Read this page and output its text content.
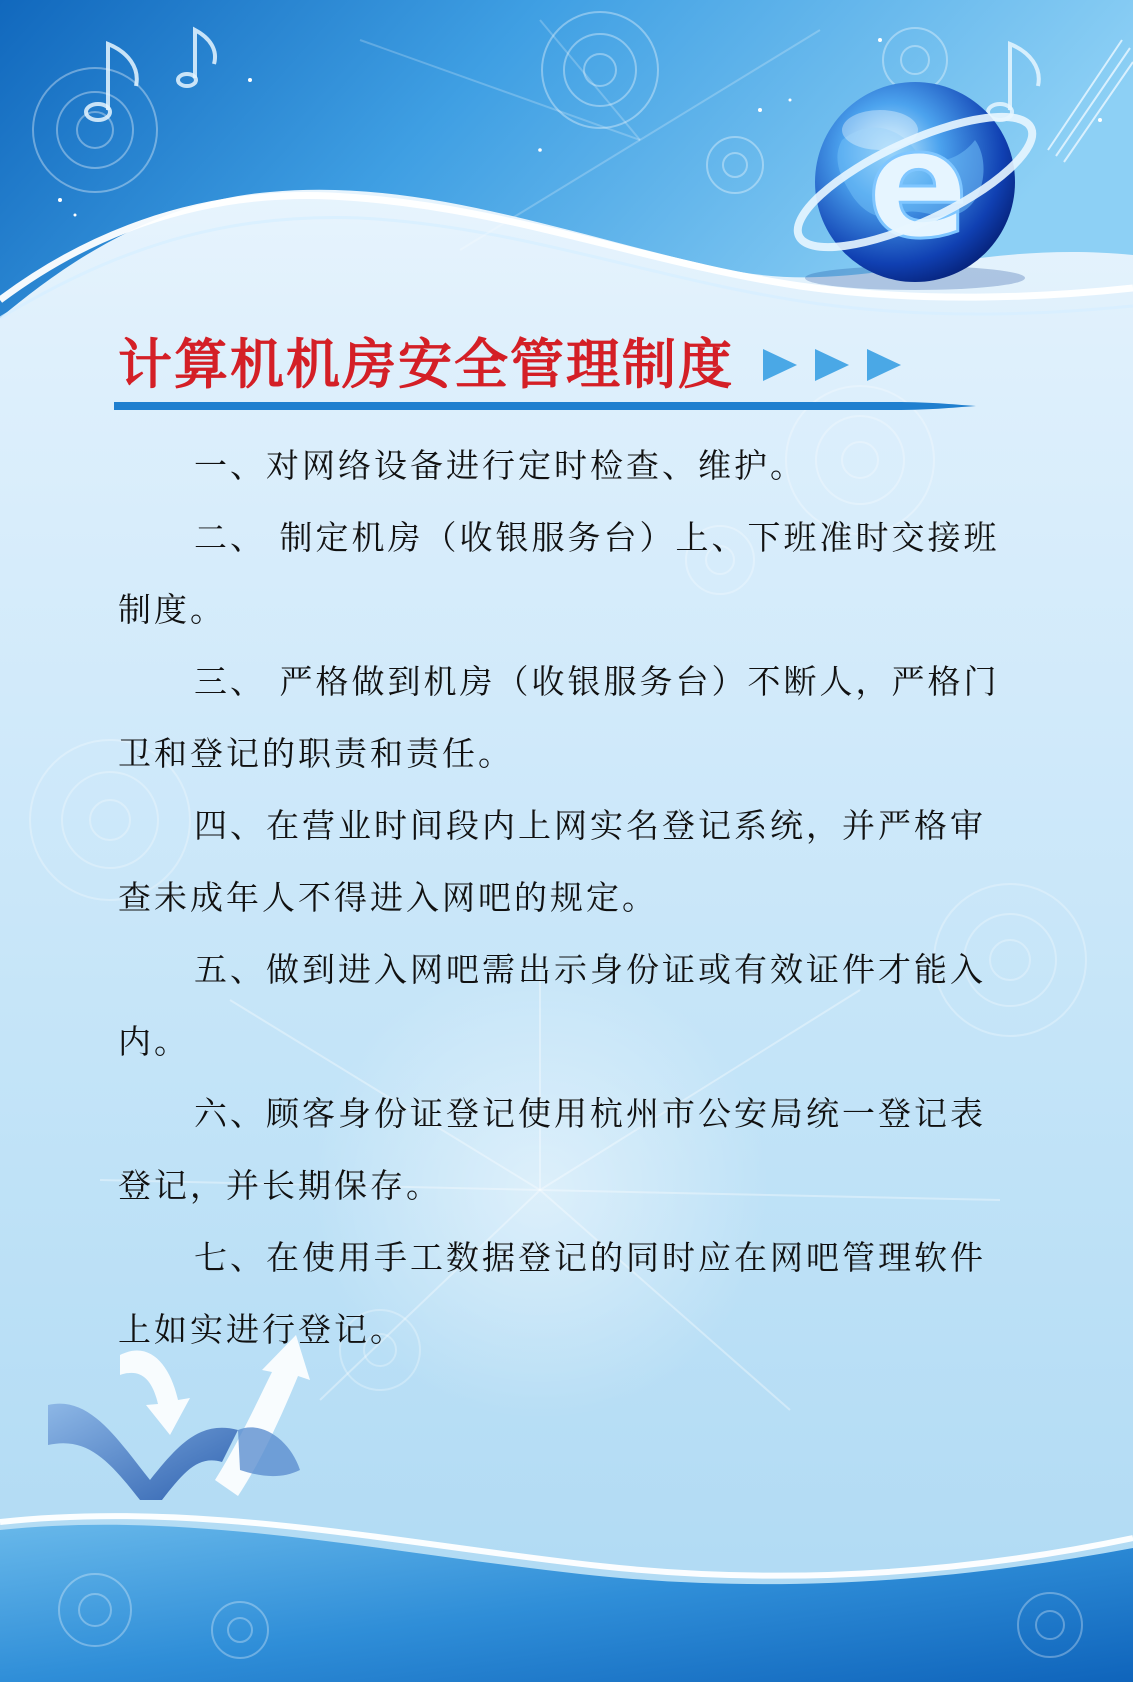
e
计算机机房安全管理制度

一、对网络设备进行定时检查、维护。

二、 制定机房（收银服务台）上、下班准时交接班制度。

三、 严格做到机房（收银服务台）不断人，严格门卫和登记的职责和责任。

四、在营业时间段内上网实名登记系统，并严格审查未成年人不得进入网吧的规定。

五、做到进入网吧需出示身份证或有效证件才能入内。

六、顾客身份证登记使用杭州市公安局统一登记表登记，并长期保存。

七、在使用手工数据登记的同时应在网吧管理软件上如实进行登记。
